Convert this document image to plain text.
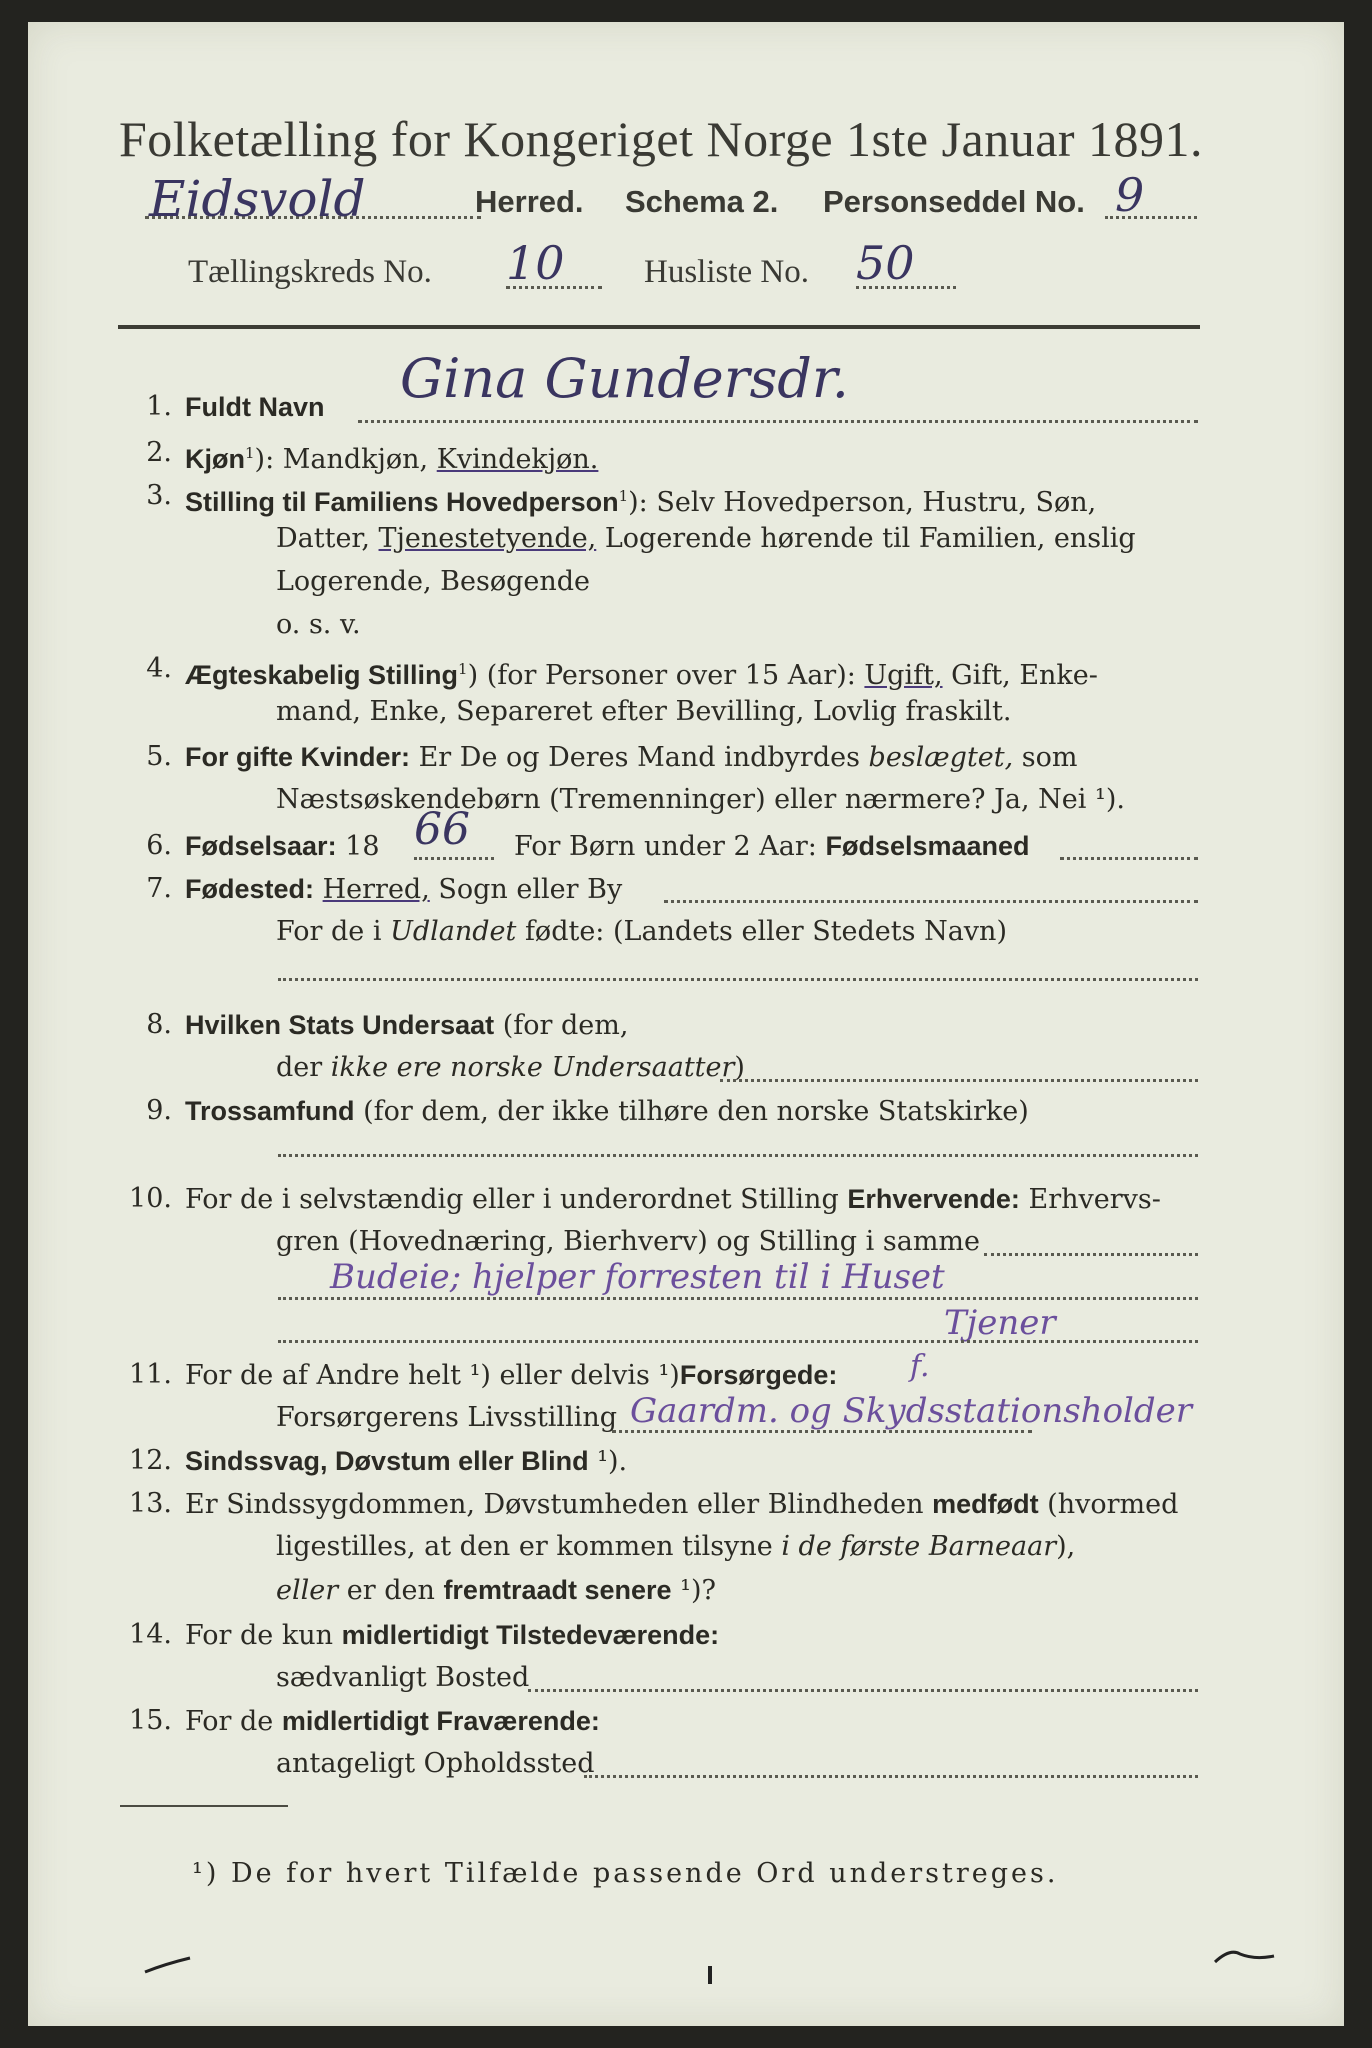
Folketælling for Kongeriget Norge 1ste Januar 1891.
Eidsvold	Herred. Schema 2. Personseddel No. 9
Tællingskreds No. 10 Husliste No. 50
1. Fuldt Navn Gina Gundersdr.
2. Kjøn$^1$): Mandkjøn, Kvindekjøn.
3. Stilling til Familiens Hovedperson$^1$): Selv Hovedperson, Hustru, Søn,
Datter, Tjenestetyende, Logerende hørende til Familien, enslig
Logerende, Besøgende
o. s. v.
4. Ægteskabelig Stilling$^1$) (for Personer over 15 Aar): Ugift, Gift, Enke-
mand, Enke, Separeret efter Bevilling, Lovlig fraskilt.
5. For gifte Kvinder: Er De og Deres Mand indbyrdes beslægtet, som
Næstsøskendebørn (Tremenninger) eller nærmere? Ja, Nei ¹).
6. Fødselsaar: 18 66 For Børn under 2 Aar: Fødselsmaaned
7. Fødested: Herred, Sogn eller By
For de i Udlandet fødte: (Landets eller Stedets Navn)
8. Hvilken Stats Undersaat (for dem,
der ikke ere norske Undersaatter)
9. Trossamfund (for dem, der ikke tilhøre den norske Statskirke)
10. For de i selvstændig eller i underordnet Stilling Erhvervende: Erhvervs-
gren (Hovednæring, Bierhverv) og Stilling i samme
Budeie; hjelper forresten til i Huset
Tjener
11. For de af Andre helt ¹) eller delvis ¹)Forsørgede: f.
Forsørgerens Livsstilling Gaardm. og Skydsstationsholder
12. Sindssvag, Døvstum eller Blind ¹).
13. Er Sindssygdommen, Døvstumheden eller Blindheden medfødt (hvormed
ligestilles, at den er kommen tilsyne i de første Barneaar),
eller er den fremtraadt senere ¹)?
14. For de kun midlertidigt Tilstedeværende:
sædvanligt Bosted
15. For de midlertidigt Fraværende:
antageligt Opholdssted
¹) De for hvert Tilfælde passende Ord understreges.
